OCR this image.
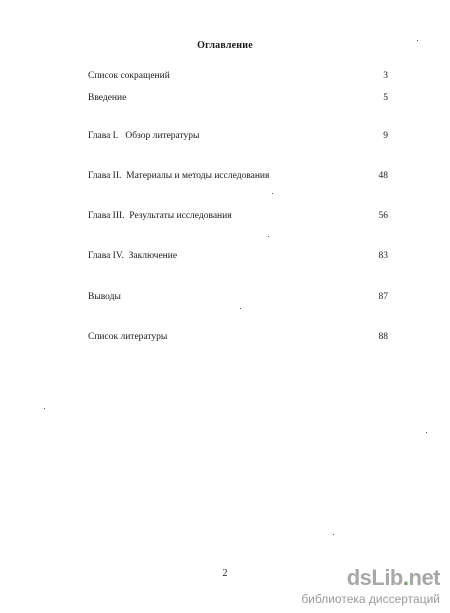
Оглавление
Список сокращений	3
Введение	5
Глава I.   Обзор литературы	9
Глава II.  Материалы и методы исследования	48
Глава III.  Результаты исследования	56
Глава IV.  Заключение	83
Выводы	87
Список литературы	88
2	dsLib.net
библиотека диссертаций
